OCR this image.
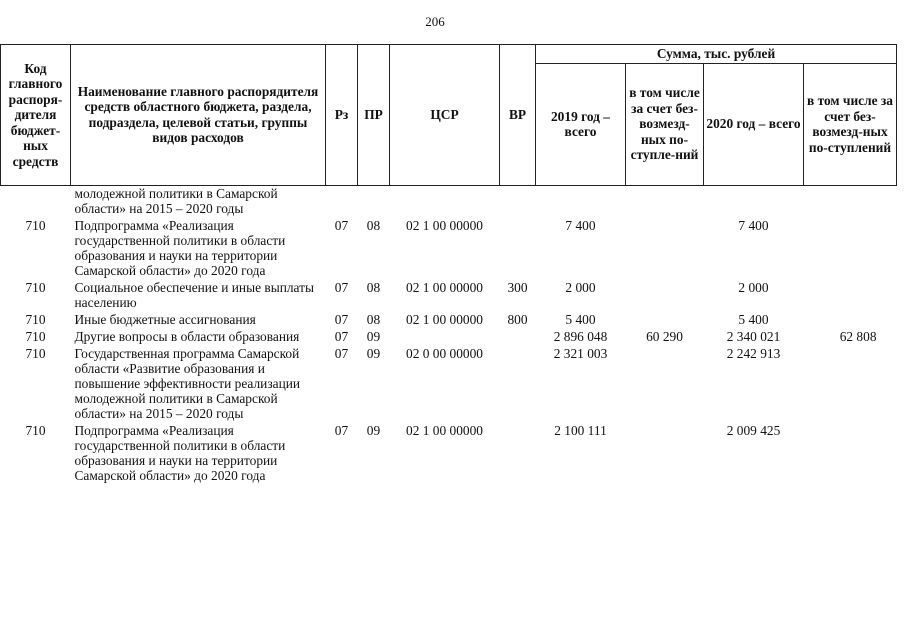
206
Код главного распоря-дителя бюджет-ных средств	Наименование главного распорядителя средств областного бюджета, раздела, подраздела, целевой статьи, группы видов расходов	Рз	ПР	ЦСР	ВР	Сумма, тыс. рублей			
						2019 год – всего	в том числе за счет без-возмезд-ных по-ступле-ний	2020 год – всего	в том числе за счет без-возмезд-ных по-ступлений
	молодежной политики в Самарской области» на 2015 – 2020 годы								
710	Подпрограмма «Реализация государственной политики в области образования и науки на территории Самарской области» до 2020 года	07	08	02 1 00 00000		7 400		7 400	
710	Социальное обеспечение и иные выплаты населению	07	08	02 1 00 00000	300	2 000		2 000	
710	Иные бюджетные ассигнования	07	08	02 1 00 00000	800	5 400		5 400	
710	Другие вопросы в области образования	07	09			2 896 048	60 290	2 340 021	62 808
710	Государственная программа Самарской области «Развитие образования и повышение эффективности реализации молодежной политики в Самарской области» на 2015 – 2020 годы	07	09	02 0 00 00000		2 321 003		2 242 913	
710	Подпрограмма «Реализация государственной политики в области образования и науки на территории Самарской области» до 2020 года	07	09	02 1 00 00000		2 100 111		2 009 425	
